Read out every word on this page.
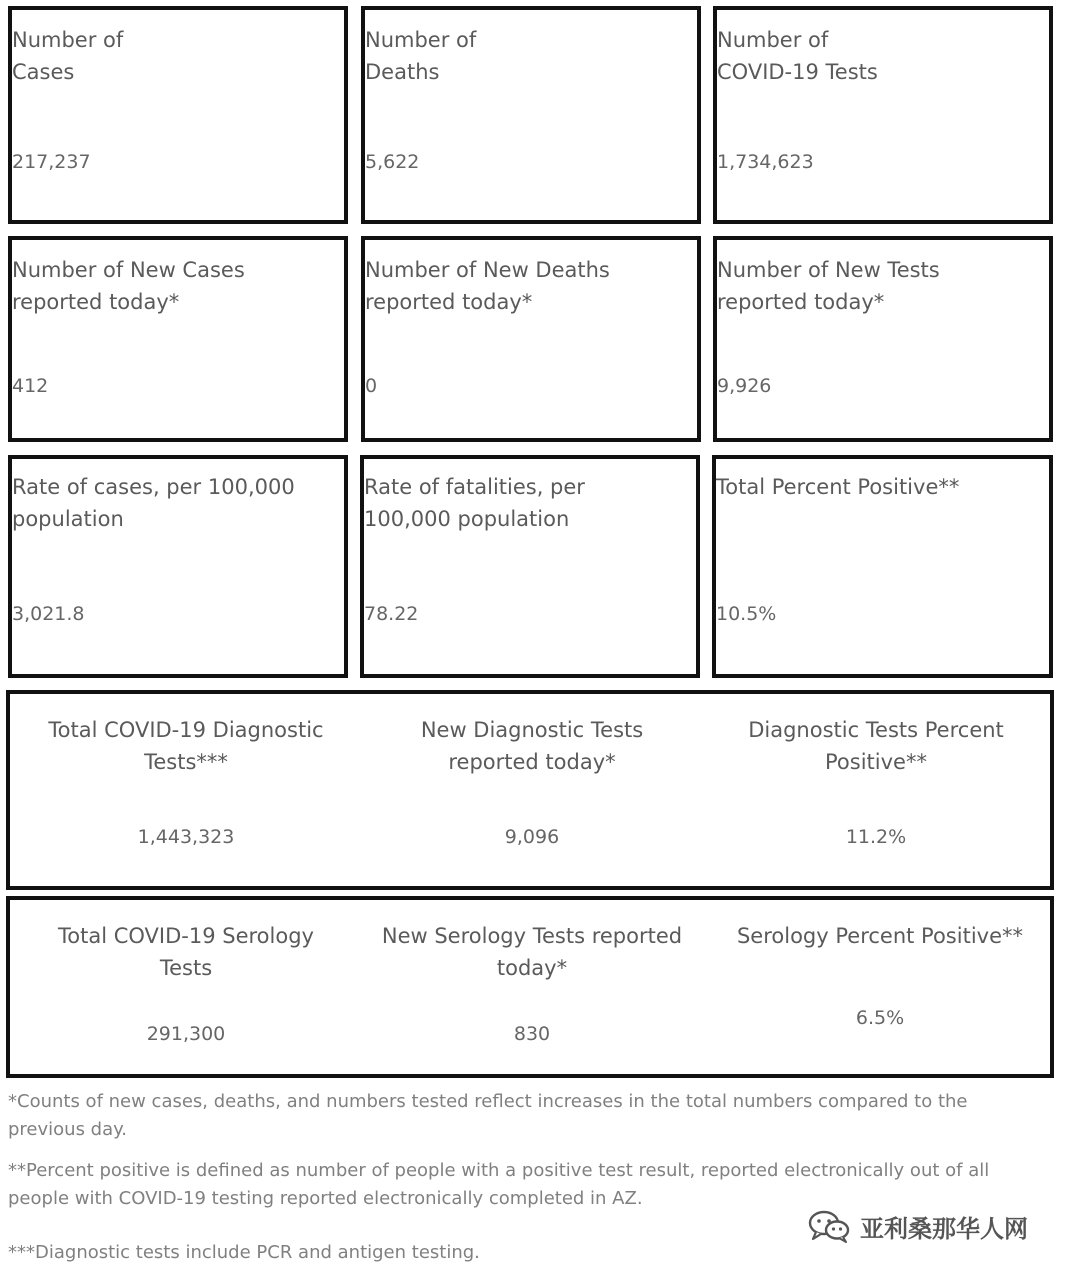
Number of
Cases
217,237
Number of
Deaths
5,622
Number of
COVID-19 Tests
1,734,623
Number of New Cases
reported today*
412
Number of New Deaths
reported today*
0
Number of New Tests
reported today*
9,926
Rate of cases, per 100,000
population
3,021.8
Rate of fatalities, per
100,000 population
78.22
Total Percent Positive**
10.5%
Total COVID-19 Diagnostic
Tests***
1,443,323
New Diagnostic Tests
reported today*
9,096
Diagnostic Tests Percent
Positive**
11.2%
Total COVID-19 Serology
Tests
291,300
New Serology Tests reported
today*
830
Serology Percent Positive**
6.5%
*Counts of new cases, deaths, and numbers tested reflect increases in the total numbers compared to the
previous day.
**Percent positive is defined as number of people with a positive test result, reported electronically out of all
people with COVID-19 testing reported electronically completed in AZ.
***Diagnostic tests include PCR and antigen testing.
亚利桑那华人网
